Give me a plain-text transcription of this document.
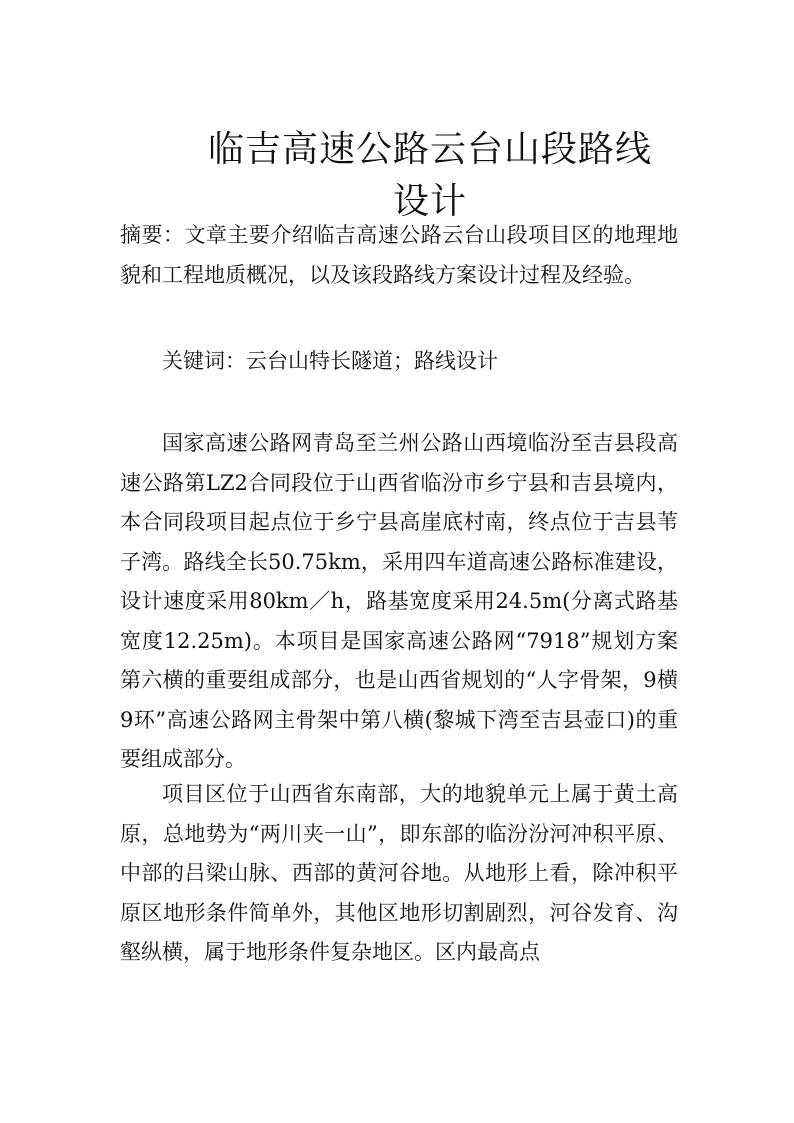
临吉高速公路云台山段路线
设计

摘要：文章主要介绍临吉高速公路云台山段项目区的地理地貌和工程地质概况，以及该段路线方案设计过程及经验。

关键词：云台山特长隧道；路线设计

国家高速公路网青岛至兰州公路山西境临汾至吉县段高速公路第LZ2合同段位于山西省临汾市乡宁县和吉县境内，本合同段项目起点位于乡宁县高崖底村南，终点位于吉县苇子湾。路线全长50.75km，采用四车道高速公路标准建设，设计速度采用80km／h，路基宽度采用24.5m(分离式路基宽度12.25m)。本项目是国家高速公路网“7918”规划方案第六横的重要组成部分，也是山西省规划的“人字骨架，9横9环”高速公路网主骨架中第八横(黎城下湾至吉县壶口)的重要组成部分。

项目区位于山西省东南部，大的地貌单元上属于黄土高原，总地势为“两川夹一山”，即东部的临汾汾河冲积平原、中部的吕梁山脉、西部的黄河谷地。从地形上看，除冲积平原区地形条件简单外，其他区地形切割剧烈，河谷发育、沟壑纵横，属于地形条件复杂地区。区内最高点
